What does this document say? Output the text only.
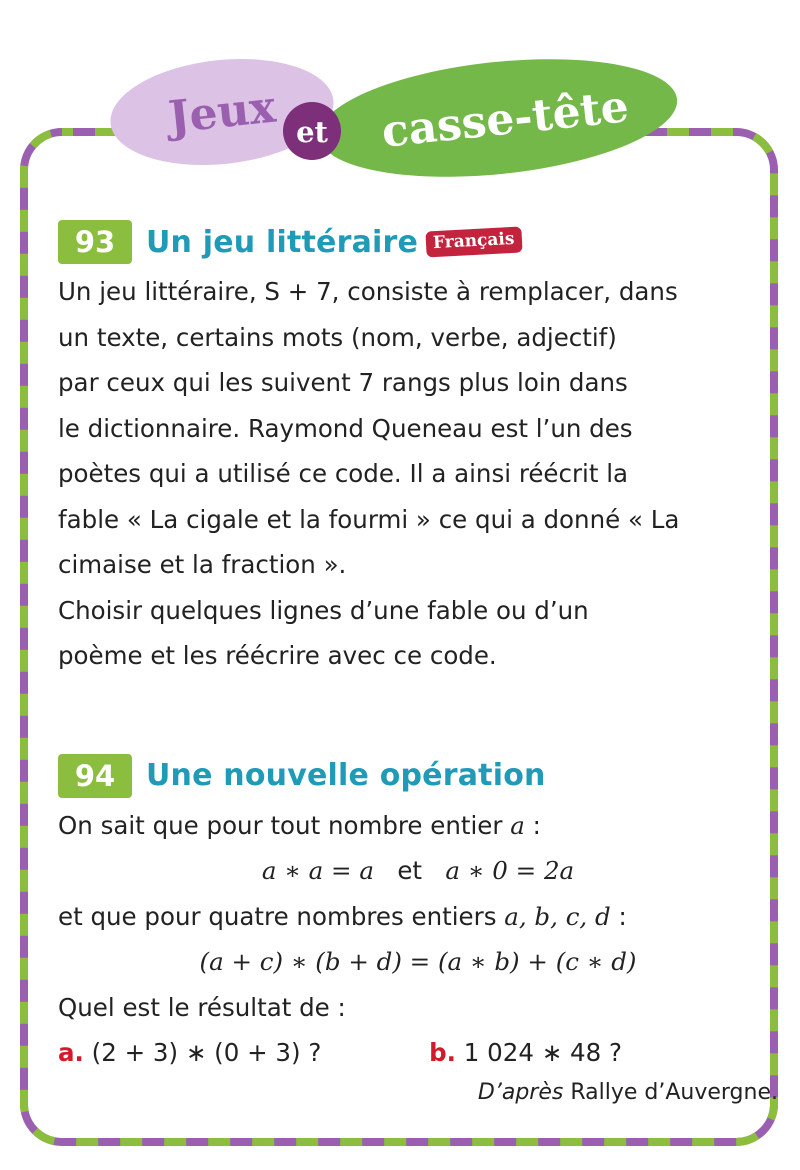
Jeux casse-tête
et
93	Un jeu littéraire Français

Un jeu littéraire, S + 7, consiste à remplacer, dans
un texte, certains mots (nom, verbe, adjectif)
par ceux qui les suivent 7 rangs plus loin dans
le dictionnaire. Raymond Queneau est l’un des
poètes qui a utilisé ce code. Il a ainsi réécrit la
fable « La cigale et la fourmi » ce qui a donné « La
cimaise et la fraction ».
Choisir quelques lignes d’une fable ou d’un
poème et les réécrire avec ce code.

94	Une nouvelle opération

On sait que pour tout nombre entier a :
a ∗ a = a et a ∗ 0 = 2a
et que pour quatre nombres entiers a, b, c, d :
(a + c) ∗ (b + d) = (a ∗ b) + (c ∗ d)
Quel est le résultat de :
a. (2 + 3) ∗ (0 + 3) ?	b. 1 024 ∗ 48 ?

D’après Rallye d’Auvergne.
